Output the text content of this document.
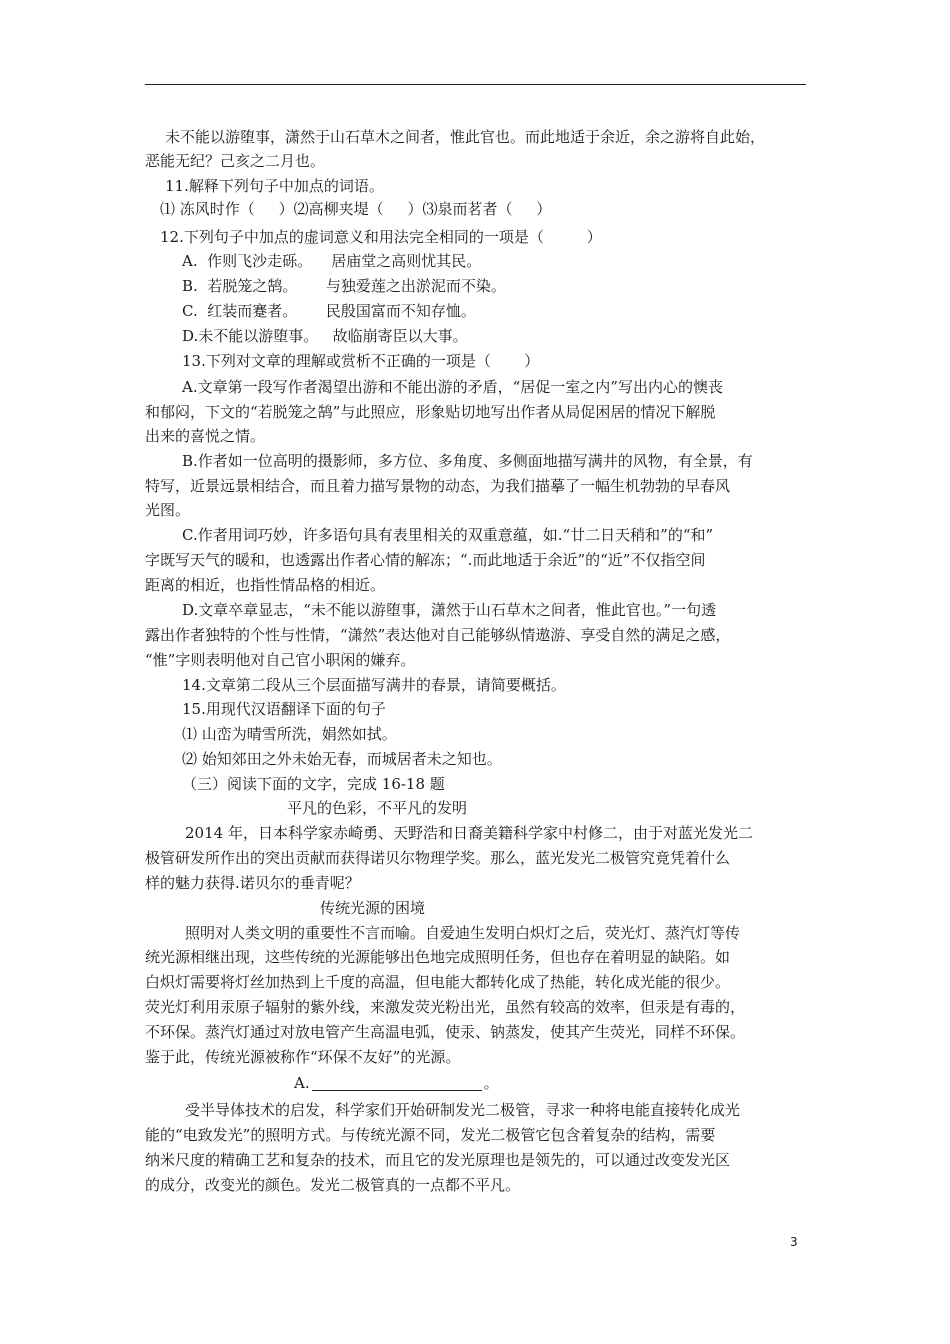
未不能以游堕事，潇然于山石草木之间者，惟此官也。而此地适于余近，余之游将自此始，
恶能无纪？己亥之二月也。
11.解释下列句子中加点的词语。
⑴ 冻风时作（     ）⑵高柳夹堤（     ）⑶泉而茗者（     ）
12.下列句子中加点的虚词意义和用法完全相同的一项是（         ）
A.  作则飞沙走砾。    居庙堂之高则忧其民。
B.  若脱笼之鹄。      与独爱莲之出淤泥而不染。
C.  红装而蹇者。      民殷国富而不知存恤。
D.未不能以游堕事。   故临崩寄臣以大事。
13.下列对文章的理解或赏析不正确的一项是（       ）
A.文章第一段写作者渴望出游和不能出游的矛盾，“居促一室之内”写出内心的懊丧
和郁闷，下文的“若脱笼之鹄”与此照应，形象贴切地写出作者从局促困居的情况下解脱
出来的喜悦之情。
B.作者如一位高明的摄影师，多方位、多角度、多侧面地描写满井的风物，有全景，有
特写，近景远景相结合，而且着力描写景物的动态，为我们描摹了一幅生机勃勃的早春风
光图。
C.作者用词巧妙，许多语句具有表里相关的双重意蕴，如.“廿二日天稍和”的“和”
字既写天气的暖和，也透露出作者心情的解冻；“.而此地适于余近”的“近”不仅指空间
距离的相近，也指性情品格的相近。
D.文章卒章显志，“未不能以游堕事，潇然于山石草木之间者，惟此官也。”一句透
露出作者独特的个性与性情，“潇然”表达他对自己能够纵情遨游、享受自然的满足之感，
“惟”字则表明他对自己官小职闲的嫌弃。
14.文章第二段从三个层面描写满井的春景，请简要概括。
15.用现代汉语翻译下面的句子
⑴ 山峦为晴雪所洗，娟然如拭。
⑵ 始知郊田之外未始无春，而城居者未之知也。
（三）阅读下面的文字，完成 16-18 题
平凡的色彩，不平凡的发明
2014 年，日本科学家赤崎勇、天野浩和日裔美籍科学家中村修二，由于对蓝光发光二
极管研发所作出的突出贡献而获得诺贝尔物理学奖。那么，蓝光发光二极管究竟凭着什么
样的魅力获得.诺贝尔的垂青呢？
传统光源的困境
照明对人类文明的重要性不言而喻。自爱迪生发明白炽灯之后，荧光灯、蒸汽灯等传
统光源相继出现，这些传统的光源能够出色地完成照明任务，但也存在着明显的缺陷。如
白炽灯需要将灯丝加热到上千度的高温，但电能大都转化成了热能，转化成光能的很少。
荧光灯利用汞原子辐射的紫外线，来激发荧光粉出光，虽然有较高的效率，但汞是有毒的，
不环保。蒸汽灯通过对放电管产生高温电弧，使汞、钠蒸发，使其产生荧光，同样不环保。
鉴于此，传统光源被称作“环保不友好”的光源。
A.	。
受半导体技术的启发，科学家们开始研制发光二极管，寻求一种将电能直接转化成光
能的“电致发光”的照明方式。与传统光源不同，发光二极管它包含着复杂的结构，需要
纳米尺度的精确工艺和复杂的技术，而且它的发光原理也是领先的，可以通过改变发光区
的成分，改变光的颜色。发光二极管真的一点都不平凡。
3
